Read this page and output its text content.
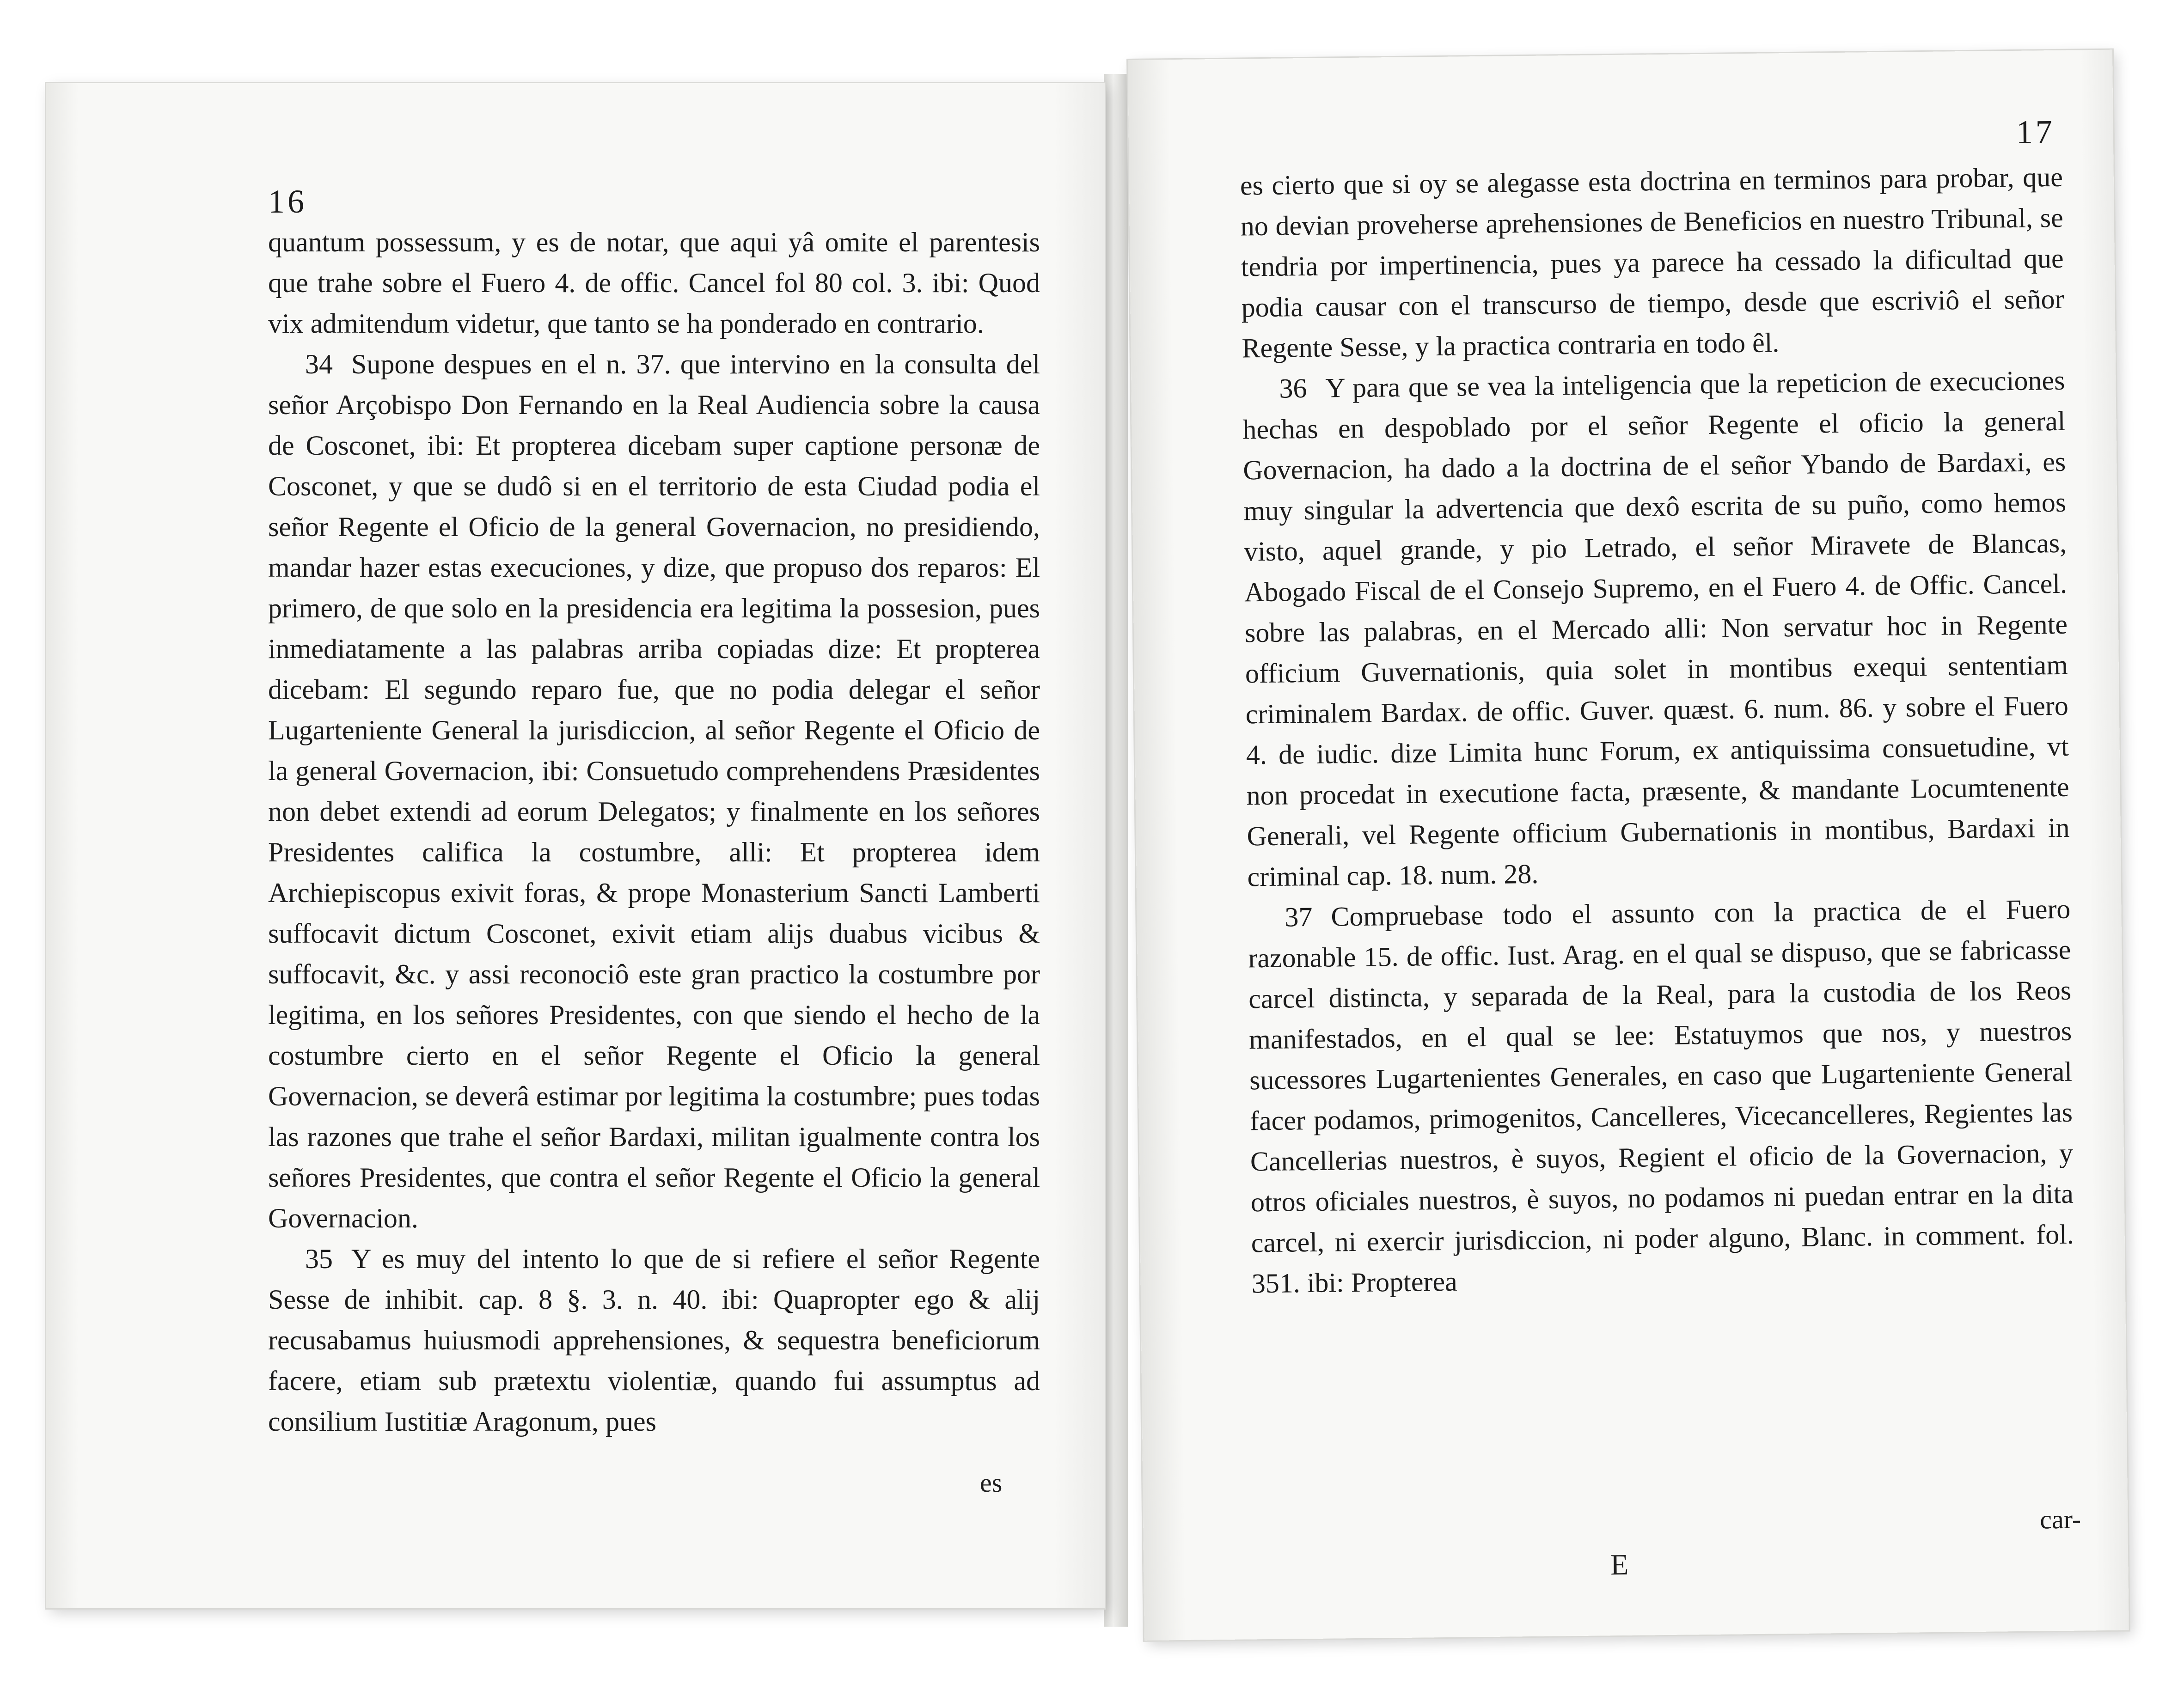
16

quantum possessum, y es de notar, que aqui yâ omite el parentesis que trahe sobre el Fuero 4. de offic. Cancel fol 80 col. 3. ibi: Quod vix admitendum videtur, que tanto se ha ponderado en contrario.

34 Supone despues en el n. 37. que intervino en la consulta del señor Arçobispo Don Fernando en la Real Audiencia sobre la causa de Cosconet, ibi: Et propterea dicebam super captione personæ de Cosconet, y que se dudô si en el territorio de esta Ciudad podia el señor Regente el Oficio de la general Governacion, no presidiendo, mandar hazer estas execuciones, y dize, que propuso dos reparos: El primero, de que solo en la presidencia era legitima la possesion, pues inmediatamente a las palabras arriba copiadas dize: Et propterea dicebam: El segundo reparo fue, que no podia delegar el señor Lugarteniente General la jurisdiccion, al señor Regente el Oficio de la general Governacion, ibi: Consuetudo comprehendens Præsidentes non debet extendi ad eorum Delegatos; y finalmente en los señores Presidentes califica la costumbre, alli: Et propterea idem Archiepiscopus exivit foras, & prope Monasterium Sancti Lamberti suffocavit dictum Cosconet, exivit etiam alijs duabus vicibus & suffocavit, &c. y assi reconociô este gran practico la costumbre por legitima, en los señores Presidentes, con que siendo el hecho de la costumbre cierto en el señor Regente el Oficio la general Governacion, se deverâ estimar por legitima la costumbre; pues todas las razones que trahe el señor Bardaxi, militan igualmente contra los señores Presidentes, que contra el señor Regente el Oficio la general Governacion.

35 Y es muy del intento lo que de si refiere el señor Regente Sesse de inhibit. cap. 8 §. 3. n. 40. ibi: Quapropter ego & alij recusabamus huiusmodi apprehensiones, & sequestra beneficiorum facere, etiam sub prætextu violentiæ, quando fui assumptus ad consilium Iustitiæ Aragonum, pues

es
17

es cierto que si oy se alegasse esta doctrina en terminos para probar, que no devian proveherse aprehensiones de Beneficios en nuestro Tribunal, se tendria por impertinencia, pues ya parece ha cessado la dificultad que podia causar con el transcurso de tiempo, desde que escriviô el señor Regente Sesse, y la practica contraria en todo êl.

36 Y para que se vea la inteligencia que la repeticion de execuciones hechas en despoblado por el señor Regente el oficio la general Governacion, ha dado a la doctrina de el señor Ybando de Bardaxi, es muy singular la advertencia que dexô escrita de su puño, como hemos visto, aquel grande, y pio Letrado, el señor Miravete de Blancas, Abogado Fiscal de el Consejo Supremo, en el Fuero 4. de Offic. Cancel. sobre las palabras, en el Mercado alli: Non servatur hoc in Regente officium Guvernationis, quia solet in montibus exequi sententiam criminalem Bardax. de offic. Guver. quæst. 6. num. 86. y sobre el Fuero 4. de iudic. dize Limita hunc Forum, ex antiquissima consuetudine, vt non procedat in executione facta, præsente, & mandante Locumtenente Generali, vel Regente officium Gubernationis in montibus, Bardaxi in criminal cap. 18. num. 28.

37 Compruebase todo el assunto con la practica de el Fuero razonable 15. de offic. Iust. Arag. en el qual se dispuso, que se fabricasse carcel distincta, y separada de la Real, para la custodia de los Reos manifestados, en el qual se lee: Estatuymos que nos, y nuestros sucessores Lugartenientes Generales, en caso que Lugarteniente General facer podamos, primogenitos, Cancelleres, Vicecancelleres, Regientes las Cancellerias nuestros, è suyos, Regient el oficio de la Governacion, y otros oficiales nuestros, è suyos, no podamos ni puedan entrar en la dita carcel, ni exercir jurisdiccion, ni poder alguno, Blanc. in comment. fol. 351. ibi: Propterea

car-
E
